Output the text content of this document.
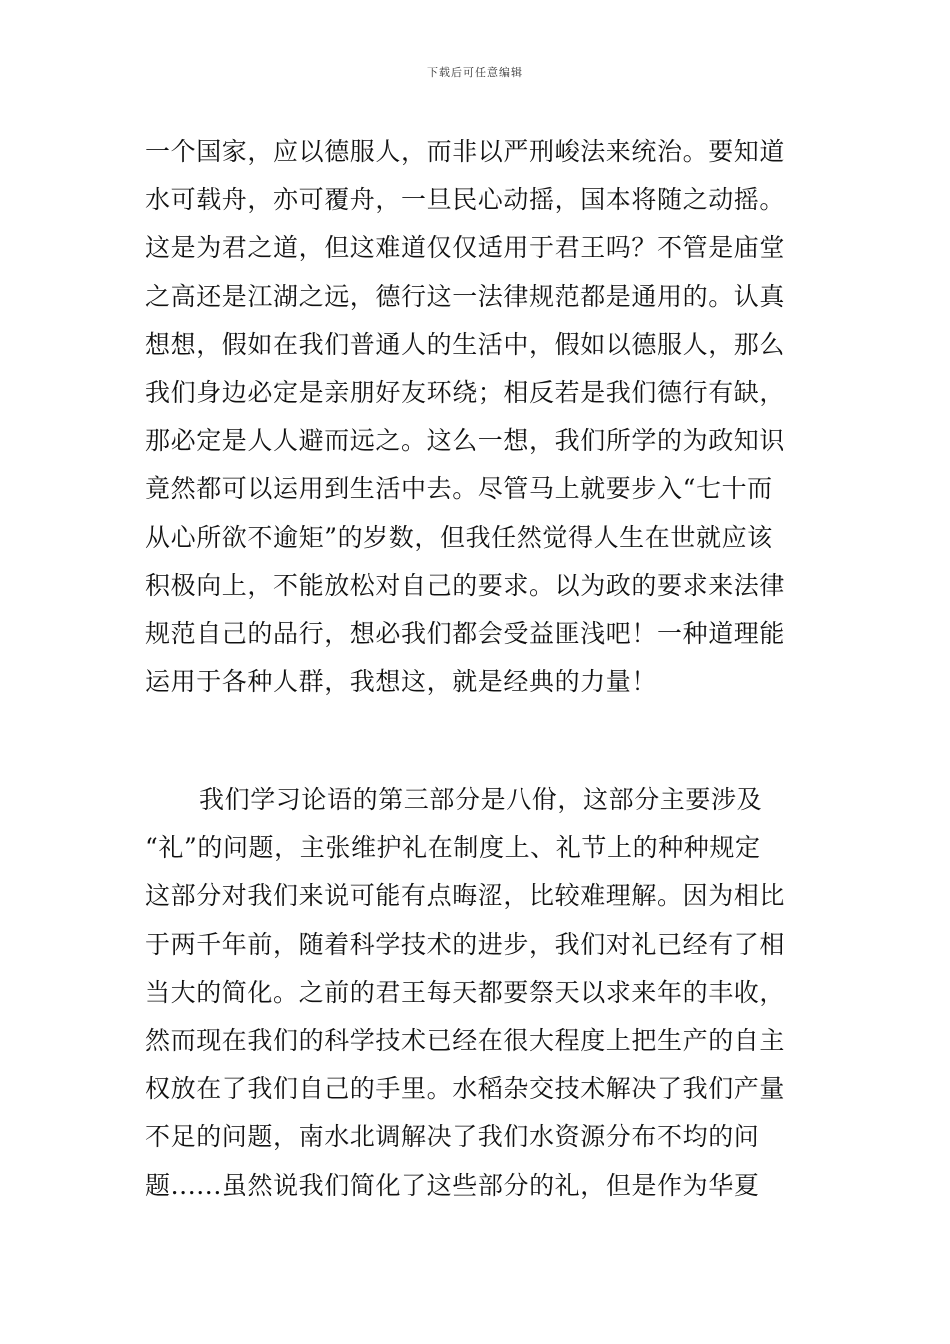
下载后可任意编辑
一个国家，应以德服人，而非以严刑峻法来统治。要知道
水可载舟，亦可覆舟，一旦民心动摇，国本将随之动摇。
这是为君之道，但这难道仅仅适用于君王吗？不管是庙堂
之高还是江湖之远，德行这一法律规范都是通用的。认真
想想，假如在我们普通人的生活中，假如以德服人，那么
我们身边必定是亲朋好友环绕；相反若是我们德行有缺，
那必定是人人避而远之。这么一想，我们所学的为政知识
竟然都可以运用到生活中去。尽管马上就要步入“七十而
从心所欲不逾矩”的岁数，但我任然觉得人生在世就应该
积极向上，不能放松对自己的要求。以为政的要求来法律
规范自己的品行，想必我们都会受益匪浅吧！一种道理能
运用于各种人群，我想这，就是经典的力量！
我们学习论语的第三部分是八佾，这部分主要涉及
“礼”的问题，主张维护礼在制度上、礼节上的种种规定
这部分对我们来说可能有点晦涩，比较难理解。因为相比
于两千年前，随着科学技术的进步，我们对礼已经有了相
当大的简化。之前的君王每天都要祭天以求来年的丰收，
然而现在我们的科学技术已经在很大程度上把生产的自主
权放在了我们自己的手里。水稻杂交技术解决了我们产量
不足的问题，南水北调解决了我们水资源分布不均的问
题......虽然说我们简化了这些部分的礼，但是作为华夏
